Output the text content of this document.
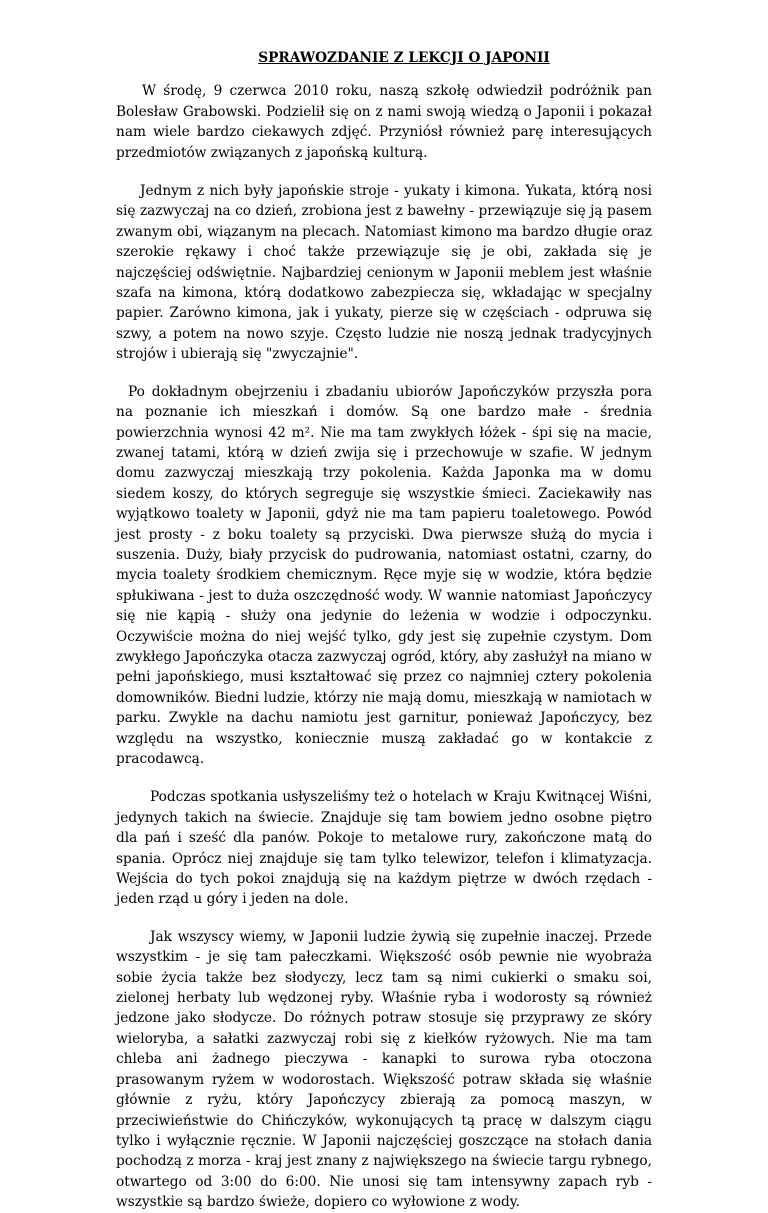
SPRAWOZDANIE Z LEKCJI O JAPONII

W środę, 9 czerwca 2010 roku, naszą szkołę odwiedził podróżnik pan Bolesław Grabowski. Podzielił się on z nami swoją wiedzą o Japonii i pokazał nam wiele bardzo ciekawych zdjęć. Przyniósł również parę interesujących przedmiotów związanych z japońską kulturą.

Jednym z nich były japońskie stroje - yukaty i kimona. Yukata, którą nosi się zazwyczaj na co dzień, zrobiona jest z bawełny - przewiązuje się ją pasem zwanym obi, wiązanym na plecach. Natomiast kimono ma bardzo długie oraz szerokie rękawy i choć także przewiązuje się je obi, zakłada się je najczęściej odświętnie. Najbardziej cenionym w Japonii meblem jest właśnie szafa na kimona, którą dodatkowo zabezpiecza się, wkładając w specjalny papier. Zarówno kimona, jak i yukaty, pierze się w częściach - odpruwa się szwy, a potem na nowo szyje. Często ludzie nie noszą jednak tradycyjnych strojów i ubierają się "zwyczajnie".

Po dokładnym obejrzeniu i zbadaniu ubiorów Japończyków przyszła pora na poznanie ich mieszkań i domów. Są one bardzo małe - średnia powierzchnia wynosi 42 m². Nie ma tam zwykłych łóżek - śpi się na macie, zwanej tatami, którą w dzień zwija się i przechowuje w szafie. W jednym domu zazwyczaj mieszkają trzy pokolenia. Każda Japonka ma w domu siedem koszy, do których segreguje się wszystkie śmieci. Zaciekawiły nas wyjątkowo toalety w Japonii, gdyż nie ma tam papieru toaletowego. Powód jest prosty - z boku toalety są przyciski. Dwa pierwsze służą do mycia i suszenia. Duży, biały przycisk do pudrowania, natomiast ostatni, czarny, do mycia toalety środkiem chemicznym. Ręce myje się w wodzie, która będzie spłukiwana - jest to duża oszczędność wody. W wannie natomiast Japończycy się nie kąpią - służy ona jedynie do leżenia w wodzie i odpoczynku. Oczywiście można do niej wejść tylko, gdy jest się zupełnie czystym. Dom zwykłego Japończyka otacza zazwyczaj ogród, który, aby zasłużył na miano w pełni japońskiego, musi kształtować się przez co najmniej cztery pokolenia domowników. Biedni ludzie, którzy nie mają domu, mieszkają w namiotach w parku. Zwykle na dachu namiotu jest garnitur, ponieważ Japończycy, bez względu na wszystko, koniecznie muszą zakładać go w kontakcie z pracodawcą.

Podczas spotkania usłyszeliśmy też o hotelach w Kraju Kwitnącej Wiśni, jedynych takich na świecie. Znajduje się tam bowiem jedno osobne piętro dla pań i sześć dla panów. Pokoje to metalowe rury, zakończone matą do spania. Oprócz niej znajduje się tam tylko telewizor, telefon i klimatyzacja. Wejścia do tych pokoi znajdują się na każdym piętrze w dwóch rzędach - jeden rząd u góry i jeden na dole.

Jak wszyscy wiemy, w Japonii ludzie żywią się zupełnie inaczej. Przede wszystkim - je się tam pałeczkami. Większość osób pewnie nie wyobraża sobie życia także bez słodyczy, lecz tam są nimi cukierki o smaku soi, zielonej herbaty lub wędzonej ryby. Właśnie ryba i wodorosty są również jedzone jako słodycze. Do różnych potraw stosuje się przyprawy ze skóry wieloryba, a sałatki zazwyczaj robi się z kiełków ryżowych. Nie ma tam chleba ani żadnego pieczywa - kanapki to surowa ryba otoczona prasowanym ryżem w wodorostach. Większość potraw składa się właśnie głównie z ryżu, który Japończycy zbierają za pomocą maszyn, w przeciwieństwie do Chińczyków, wykonujących tą pracę w dalszym ciągu tylko i wyłącznie ręcznie. W Japonii najczęściej goszczące na stołach dania pochodzą z morza - kraj jest znany z największego na świecie targu rybnego, otwartego od 3:00 do 6:00. Nie unosi się tam intensywny zapach ryb - wszystkie są bardzo świeże, dopiero co wyłowione z wody.
